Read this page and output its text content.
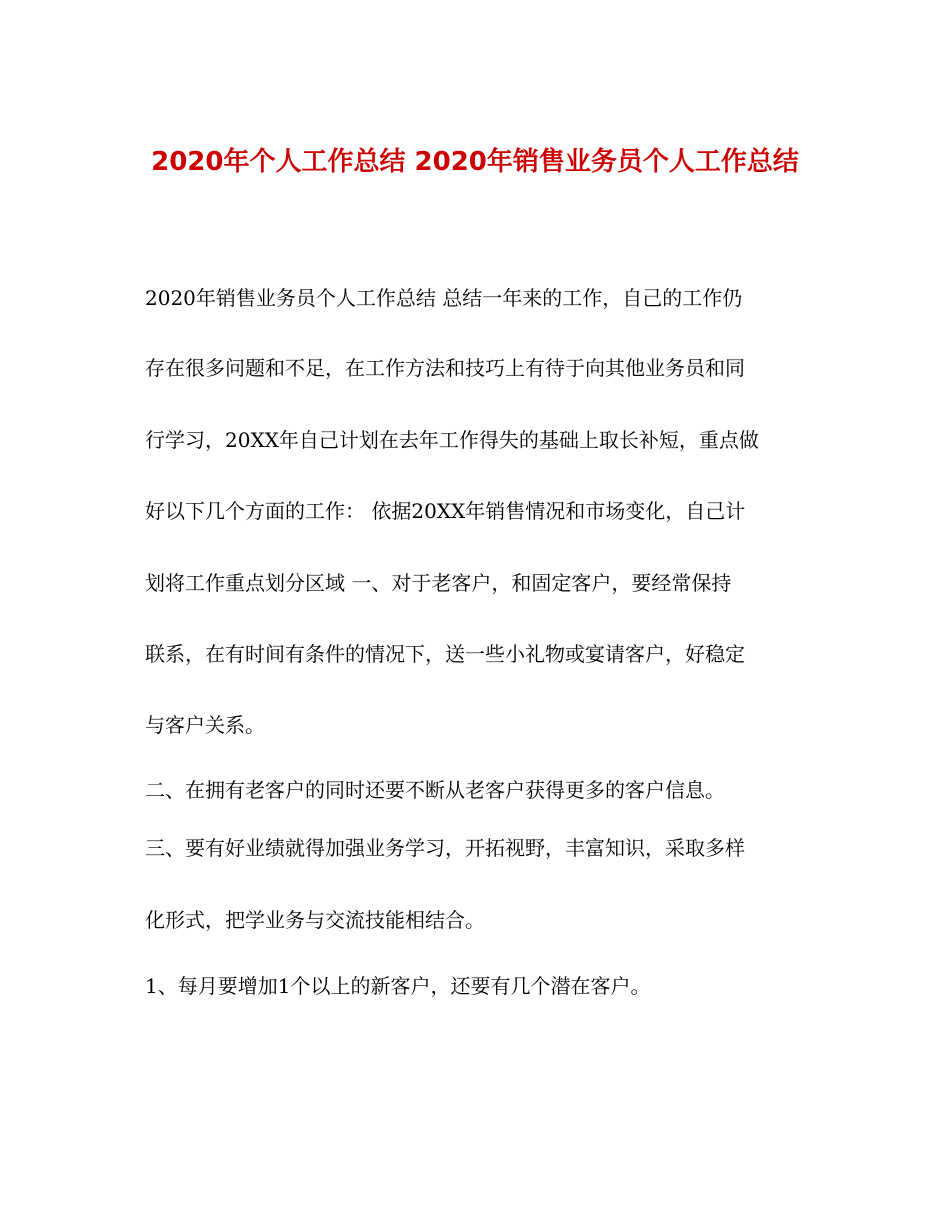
2020年个人工作总结 2020年销售业务员个人工作总结

2020年销售业务员个人工作总结 总结一年来的工作，自己的工作仍

存在很多问题和不足，在工作方法和技巧上有待于向其他业务员和同

行学习，20XX年自己计划在去年工作得失的基础上取长补短，重点做

好以下几个方面的工作： 依据20XX年销售情况和市场变化，自己计

划将工作重点划分区域 一、对于老客户，和固定客户，要经常保持

联系，在有时间有条件的情况下，送一些小礼物或宴请客户，好稳定

与客户关系。

二、在拥有老客户的同时还要不断从老客户获得更多的客户信息。

三、要有好业绩就得加强业务学习，开拓视野，丰富知识，采取多样

化形式，把学业务与交流技能相结合。

1、每月要增加1个以上的新客户，还要有几个潜在客户。
